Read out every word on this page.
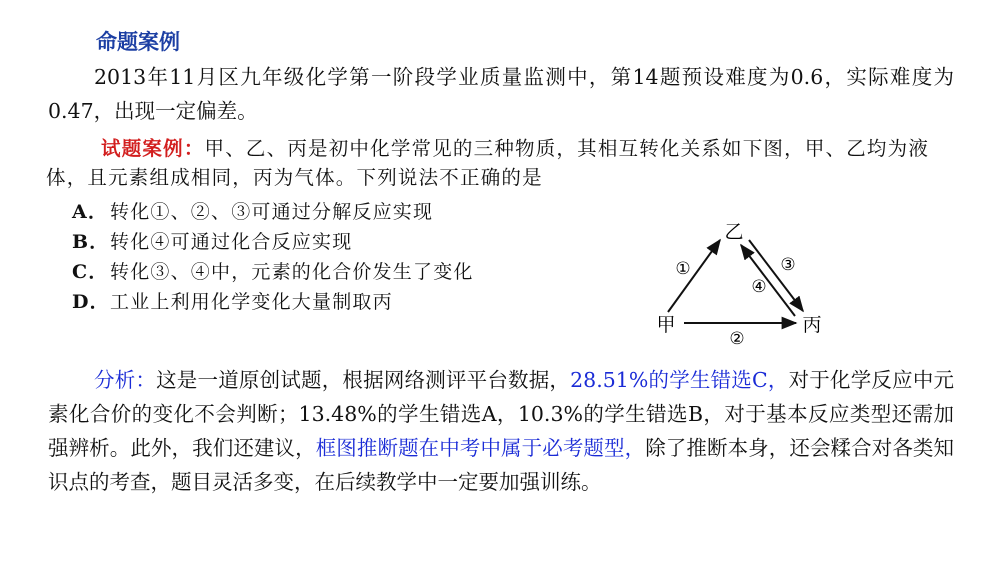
命题案例

2013年11月区九年级化学第一阶段学业质量监测中，第14题预设难度为0.6，实际难度为0.47，出现一定偏差。

试题案例：甲、乙、丙是初中化学常见的三种物质，其相互转化关系如下图，甲、乙均为液体，且元素组成相同，丙为气体。下列说法不正确的是

A．转化①、②、③可通过分解反应实现
B．转化④可通过化合反应实现
C．转化③、④中，元素的化合价发生了变化
D．工业上利用化学变化大量制取丙
乙
甲	丙
①
②
③
④

分析：这是一道原创试题，根据网络测评平台数据，28.51%的学生错选C，对于化学反应中元素化合价的变化不会判断；13.48%的学生错选A，10.3%的学生错选B，对于基本反应类型还需加强辨析。此外，我们还建议，框图推断题在中考中属于必考题型，除了推断本身，还会糅合对各类知识点的考查，题目灵活多变，在后续教学中一定要加强训练。
